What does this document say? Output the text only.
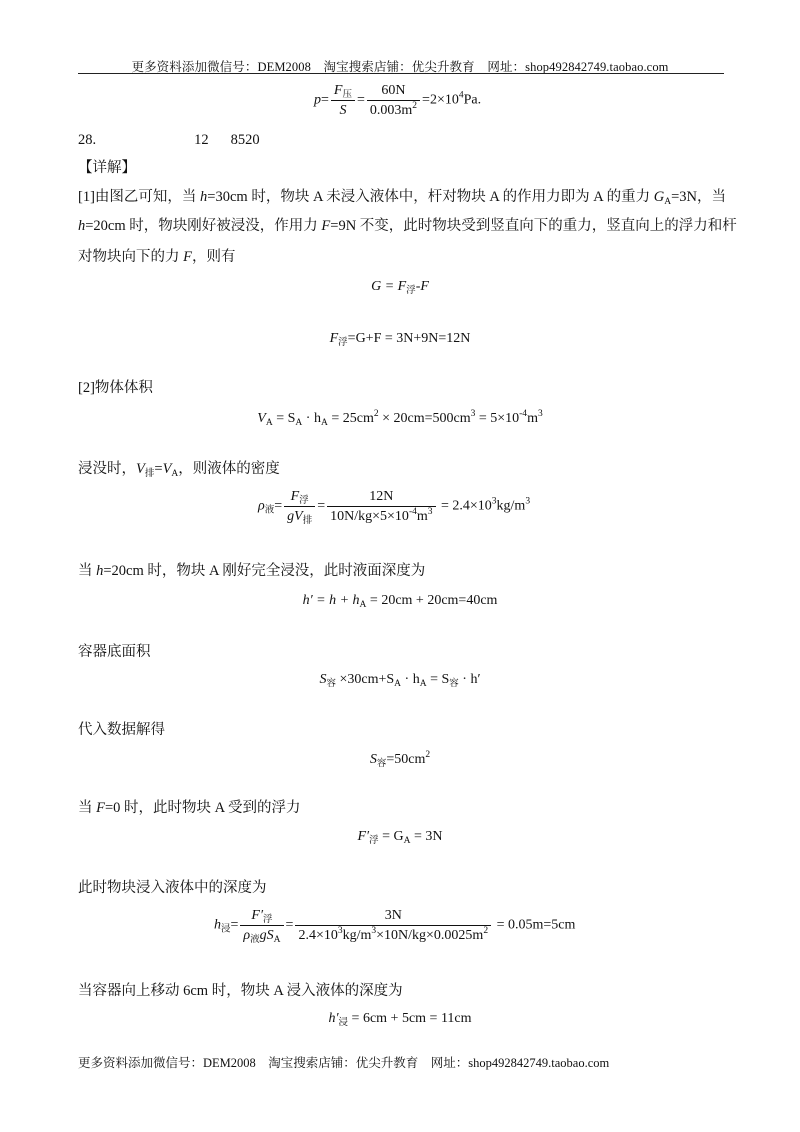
更多资料添加微信号：DEM2008　淘宝搜索店铺：优尖升教育　网址：shop492842749.taobao.com
$p= \frac{F_压}{S} = \frac{60N}{0.003m^2} =2\times 10^4Pa$.
28.	12 8520
【详解】
[1]由图乙可知，当 h=30cm 时，物块 A 未浸入液体中，杆对物块 A 的作用力即为 A 的重力 $G_A=3N$，当
h=20cm 时，物块刚好被浸没，作用力 F=9N 不变，此时物块受到竖直向下的重力，竖直向上的浮力和杆
对物块向下的力 F，则有
$G = F_浮-F$
$F_浮=G+F = 3N+9N=12N$
[2]物体体积
$V_A = S_A \cdot h_A = 25cm^2 \times 20cm=500cm^3 = 5\times 10^{-4}m^3$
浸没时，$V_排=V_A$，则液体的密度
$\rho_液= \frac{F_浮}{gV_排} = \frac{12N}{10N/kg\times 5\times 10^{-4}m^3} = 2.4\times 10^3kg/m^3$
当 h=20cm 时，物块 A 刚好完全浸没，此时液面深度为
$h' = h + h_A = 20cm + 20cm=40cm$
容器底面积
$S_容 \times 30cm+S_A \cdot h_A = S_容 \cdot h'$
代入数据解得
$S_容=50cm^2$
当 F=0 时，此时物块 A 受到的浮力
$F'_浮 = G_A = 3N$
此时物块浸入液体中的深度为
$h_浸= \frac{F'_浮}{\rho_液gS_A} = \frac{3N}{2.4\times 10^3kg/m^3\times 10N/kg\times 0.0025m^2} = 0.05m=5cm$
当容器向上移动 6cm 时，物块 A 浸入液体的深度为
$h'_浸 = 6cm + 5cm = 11cm$
更多资料添加微信号：DEM2008　淘宝搜索店铺：优尖升教育　网址：shop492842749.taobao.com
